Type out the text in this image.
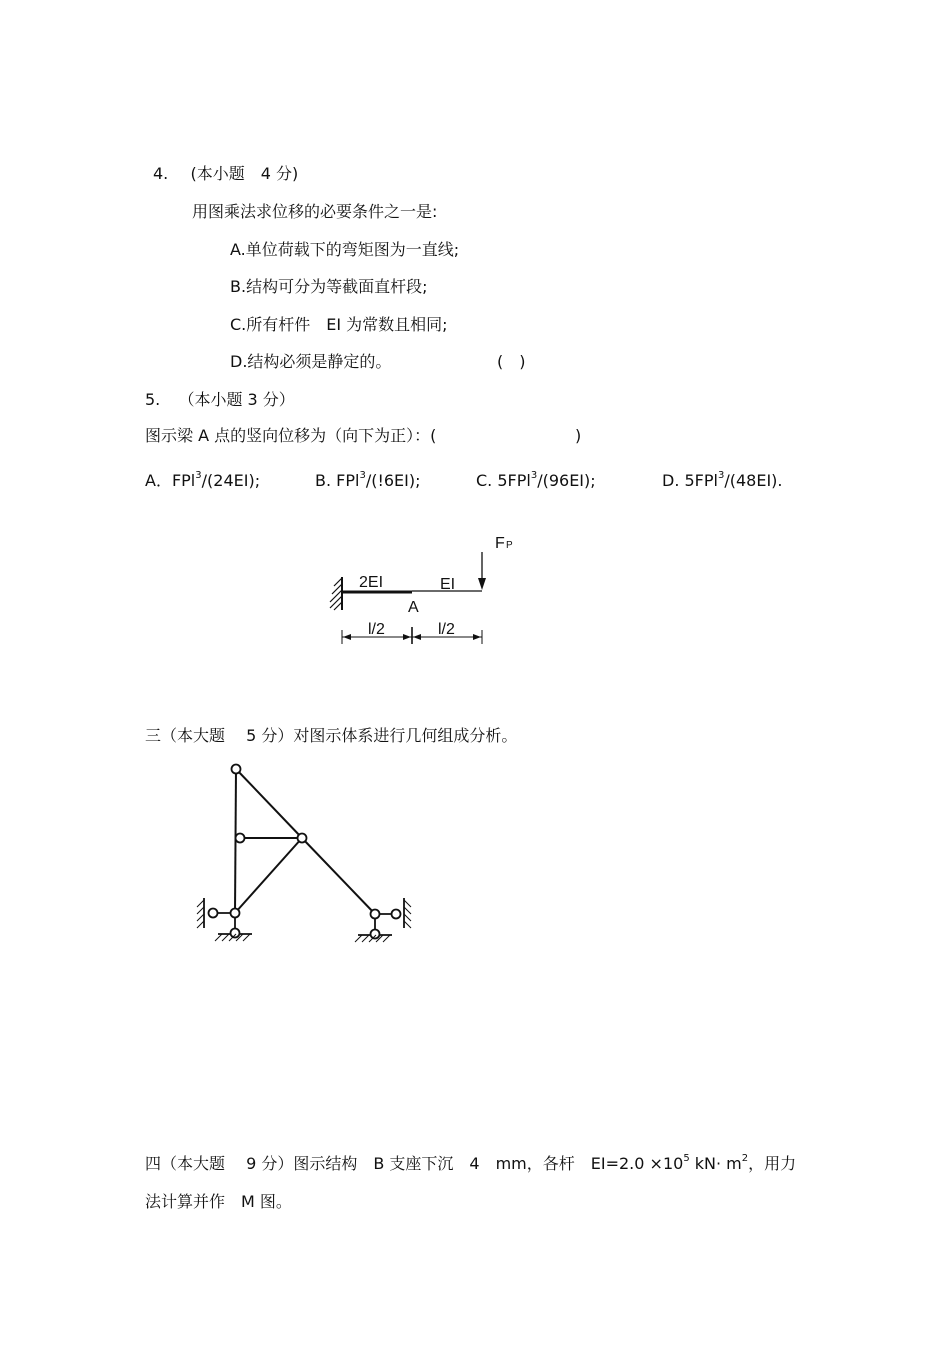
4. (本小题　4 分)
用图乘法求位移的必要条件之一是:
A.单位荷载下的弯矩图为一直线;
B.结构可分为等截面直杆段;
C.所有杆件　EI 为常数且相同;
D.结构必须是静定的。	(　)
5. （本小题 3 分）
图示梁 A 点的竖向位移为（向下为正）：(	)
A．FPl$^3$/(24EI);	B. FPl$^3$/(!6EI);	C. 5FPl$^3$/(96EI);	D. 5FPl$^3$/(48EI).
F P
2EI	EI
A
l/2	l/2
三（本大题　 5 分）对图示体系进行几何组成分析。
四（本大题　 9 分）图示结构　B 支座下沉　4　mm，各杆　$EI=2.0 \times 10^5$ $kN\cdot m^2$，用力
法计算并作　M 图。
